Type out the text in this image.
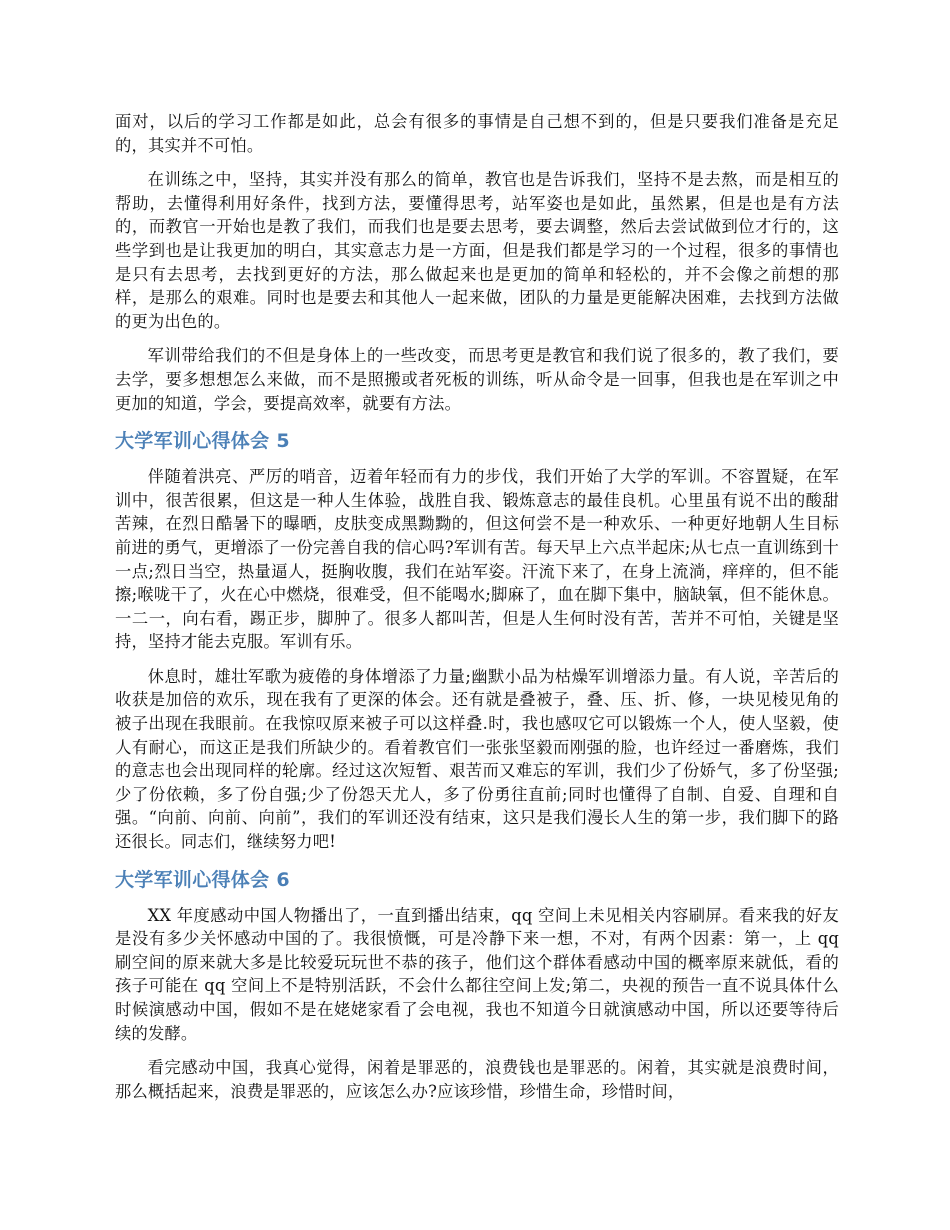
面对，以后的学习工作都是如此，总会有很多的事情是自己想不到的，但是只要我们准备是充足的，其实并不可怕。

在训练之中，坚持，其实并没有那么的简单，教官也是告诉我们，坚持不是去熬，而是相互的帮助，去懂得利用好条件，找到方法，要懂得思考，站军姿也是如此，虽然累，但是也是有方法的，而教官一开始也是教了我们，而我们也是要去思考，要去调整，然后去尝试做到位才行的，这些学到也是让我更加的明白，其实意志力是一方面，但是我们都是学习的一个过程，很多的事情也是只有去思考，去找到更好的方法，那么做起来也是更加的简单和轻松的，并不会像之前想的那样，是那么的艰难。同时也是要去和其他人一起来做，团队的力量是更能解决困难，去找到方法做的更为出色的。

军训带给我们的不但是身体上的一些改变，而思考更是教官和我们说了很多的，教了我们，要去学，要多想想怎么来做，而不是照搬或者死板的训练，听从命令是一回事，但我也是在军训之中更加的知道，学会，要提高效率，就要有方法。

大学军训心得体会 5

伴随着洪亮、严厉的哨音，迈着年轻而有力的步伐，我们开始了大学的军训。不容置疑，在军训中，很苦很累，但这是一种人生体验，战胜自我、锻炼意志的最佳良机。心里虽有说不出的酸甜苦辣，在烈日酷暑下的曝晒，皮肤变成黑黝黝的，但这何尝不是一种欢乐、一种更好地朝人生目标前进的勇气，更增添了一份完善自我的信心吗?军训有苦。每天早上六点半起床;从七点一直训练到十一点;烈日当空，热量逼人，挺胸收腹，我们在站军姿。汗流下来了，在身上流淌，痒痒的，但不能擦;喉咙干了，火在心中燃烧，很难受，但不能喝水;脚麻了，血在脚下集中，脑缺氧，但不能休息。一二一，向右看，踢正步，脚肿了。很多人都叫苦，但是人生何时没有苦，苦并不可怕，关键是坚持，坚持才能去克服。军训有乐。

休息时，雄壮军歌为疲倦的身体增添了力量;幽默小品为枯燥军训增添力量。有人说，辛苦后的收获是加倍的欢乐，现在我有了更深的体会。还有就是叠被子，叠、压、折、修，一块见棱见角的被子出现在我眼前。在我惊叹原来被子可以这样叠.时，我也感叹它可以锻炼一个人，使人坚毅，使人有耐心，而这正是我们所缺少的。看着教官们一张张坚毅而刚强的脸，也许经过一番磨炼，我们的意志也会出现同样的轮廓。经过这次短暂、艰苦而又难忘的军训，我们少了份娇气，多了份坚强;少了份依赖，多了份自强;少了份怨天尤人，多了份勇往直前;同时也懂得了自制、自爱、自理和自强。“向前、向前、向前”，我们的军训还没有结束，这只是我们漫长人生的第一步，我们脚下的路还很长。同志们，继续努力吧!

大学军训心得体会 6

XX 年度感动中国人物播出了，一直到播出结束，qq 空间上未见相关内容刷屏。看来我的好友是没有多少关怀感动中国的了。我很愤慨，可是冷静下来一想，不对，有两个因素：第一，上 qq 刷空间的原来就大多是比较爱玩玩世不恭的孩子，他们这个群体看感动中国的概率原来就低，看的孩子可能在 qq 空间上不是特别活跃，不会什么都往空间上发;第二，央视的预告一直不说具体什么时候演感动中国，假如不是在姥姥家看了会电视，我也不知道今日就演感动中国，所以还要等待后续的发酵。

看完感动中国，我真心觉得，闲着是罪恶的，浪费钱也是罪恶的。闲着，其实就是浪费时间，那么概括起来，浪费是罪恶的，应该怎么办?应该珍惜，珍惜生命，珍惜时间，
